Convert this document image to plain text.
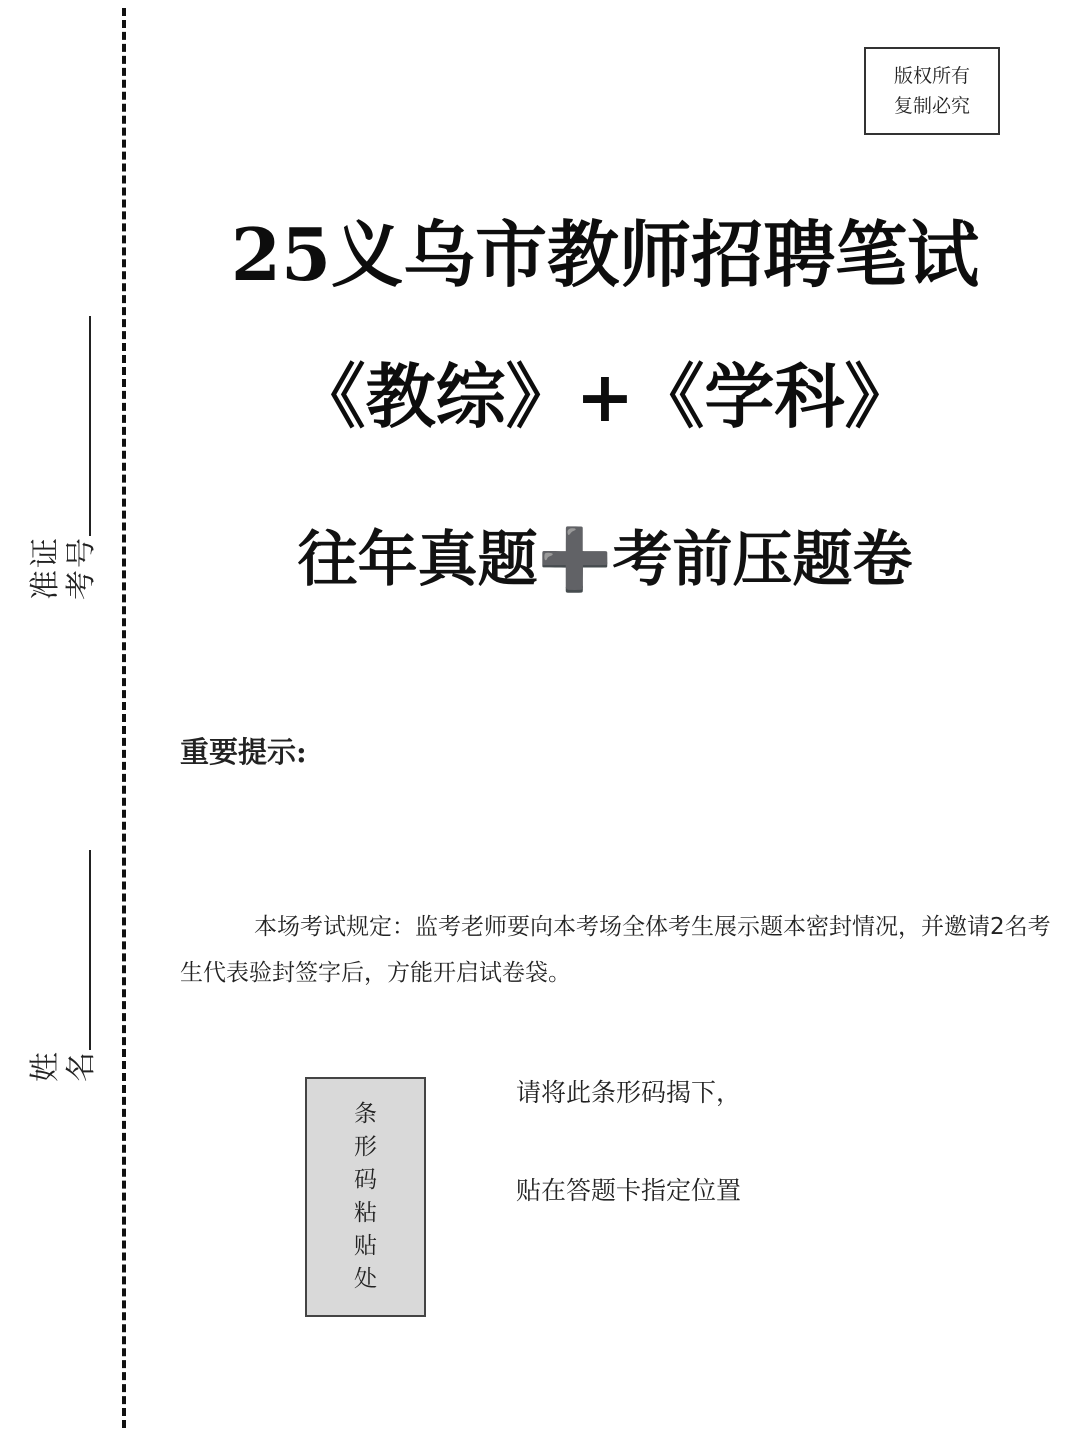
准证 考号
姓 名
版权所有
复制必究
25义乌市教师招聘笔试
《教综》+《学科》
往年真题➕考前压题卷
重要提示:
本场考试规定：监考老师要向本考场全体考生展示题本密封情况，并邀请2名考生代表验封签字后，方能开启试卷袋。
条
形
码
粘
贴
处
请将此条形码揭下，
贴在答题卡指定位置
